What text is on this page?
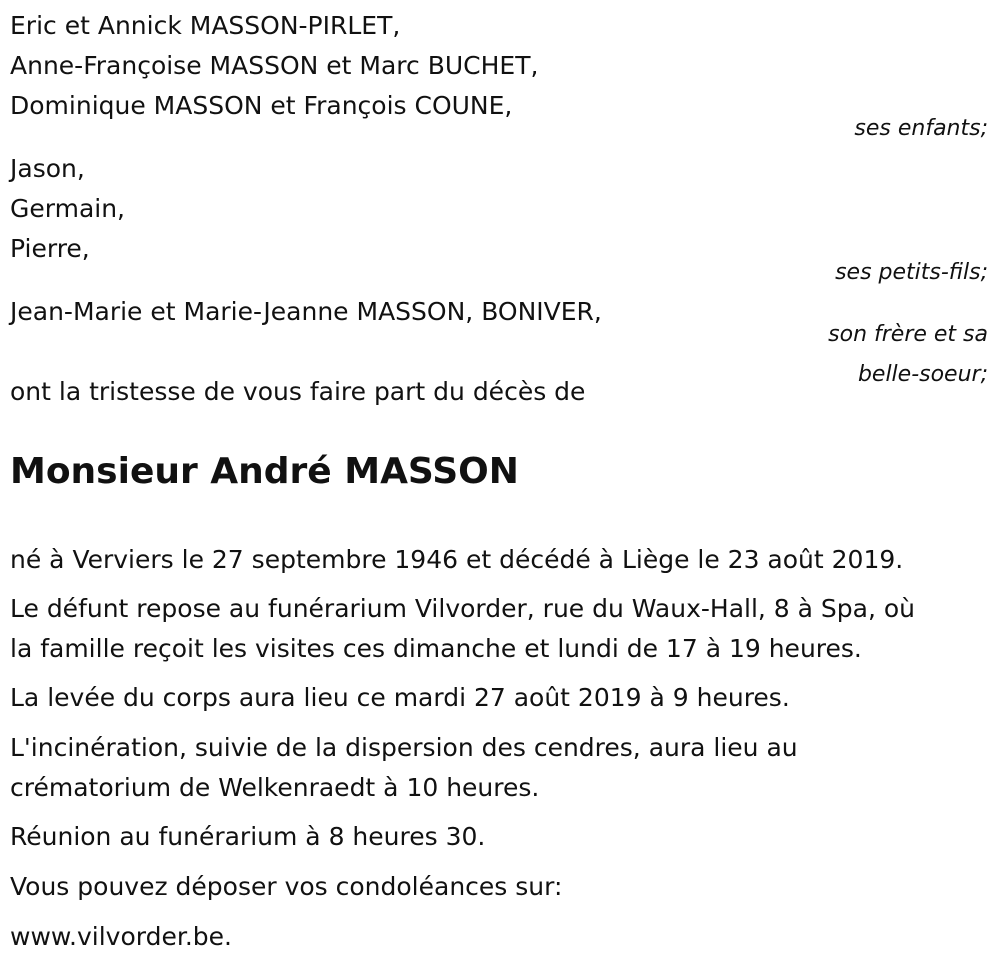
Eric et Annick MASSON-PIRLET,
Anne-Françoise MASSON et Marc BUCHET,
Dominique MASSON et François COUNE,
ses enfants;
Jason,
Germain,
Pierre,
ses petits-fils;
Jean-Marie et Marie-Jeanne MASSON, BONIVER,
son frère et sa
belle-soeur;
ont la tristesse de vous faire part du décès de
Monsieur André MASSON
né à Verviers le 27 septembre 1946 et décédé à Liège le 23 août 2019.
Le défunt repose au funérarium Vilvorder, rue du Waux-Hall, 8 à Spa, où
la famille reçoit les visites ces dimanche et lundi de 17 à 19 heures.
La levée du corps aura lieu ce mardi 27 août 2019 à 9 heures.
L'incinération, suivie de la dispersion des cendres, aura lieu au
crématorium de Welkenraedt à 10 heures.
Réunion au funérarium à 8 heures 30.
Vous pouvez déposer vos condoléances sur:
www.vilvorder.be.
